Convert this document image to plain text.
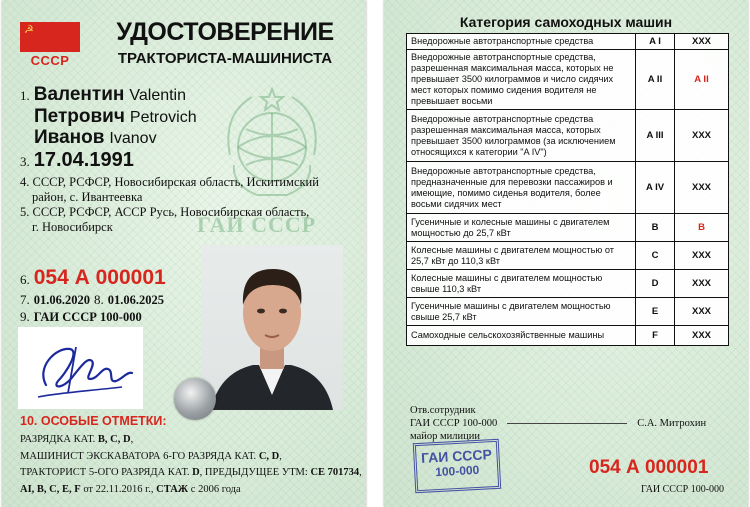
☭
СССР
УДОСТОВЕРЕНИЕ
ТРАКТОРИСТА-МАШИНИСТА
ГАИ СССР
1. Валентин Valentin
Петрович Petrovich
Иванов Ivanov
3. 17.04.1991
4. СССР, РСФСР, Новосибирская область, Искитимский
район, с. Ивантеевка
5. СССР, РСФСР, АССР Русь, Новосибирская область,
г. Новосибирск
6. 054 А 000001
7. 01.06.2020 8. 01.06.2025
9. ГАИ СССР 100-000
10. ОСОБЫЕ ОТМЕТКИ:
РАЗРЯДКА КАТ. В, С, D,
МАШИНИСТ ЭКСКАВАТОРА 6-ГО РАЗРЯДА КАТ. С, D,
ТРАКТОРИСТ 5-ОГО РАЗРЯДА КАТ. D, ПРЕДЫДУЩЕЕ УТМ: СЕ 701734,
AI, B, C, E, F от 22.11.2016 г., СТАЖ с 2006 года
Категория самоходных машин
Внедорожные автотранспортные средства	A I	ХХХ
Внедорожные автотранспортные средства, разрешенная максимальная масса, которых не превышает 3500 килограммов и число сидячих мест которых помимо сидения водителя не превышает восьми	A II	A II
Внедорожные автотранспортные средства разрешенная максимальная масса, которых превышает 3500 килограммов (за исключением относящихся к категории "A IV")	A III	ХХХ
Внедорожные автотранспортные средства, предназначенные для перевозки пассажиров и имеющие, помимо сиденья водителя, более восьми сидячих мест	A IV	ХХХ
Гусеничные и колесные машины с двигателем мощностью до 25,7 кВт	B	B
Колесные машины с двигателем мощностью от 25,7 кВт до 110,3 кВт	C	ХХХ
Колесные машины с двигателем мощностью свыше 110,3 кВт	D	ХХХ
Гусеничные машины с двигателем мощностью свыше 25,7 кВт	E	ХХХ
Самоходные сельскохозяйственные машины	F	ХХХ
Отв.сотрудник
ГАИ СССР 100-000	С.А. Митрохин
майор милиции
ГАИ СССР
100-000	054 А 000001
ГАИ СССР 100-000
